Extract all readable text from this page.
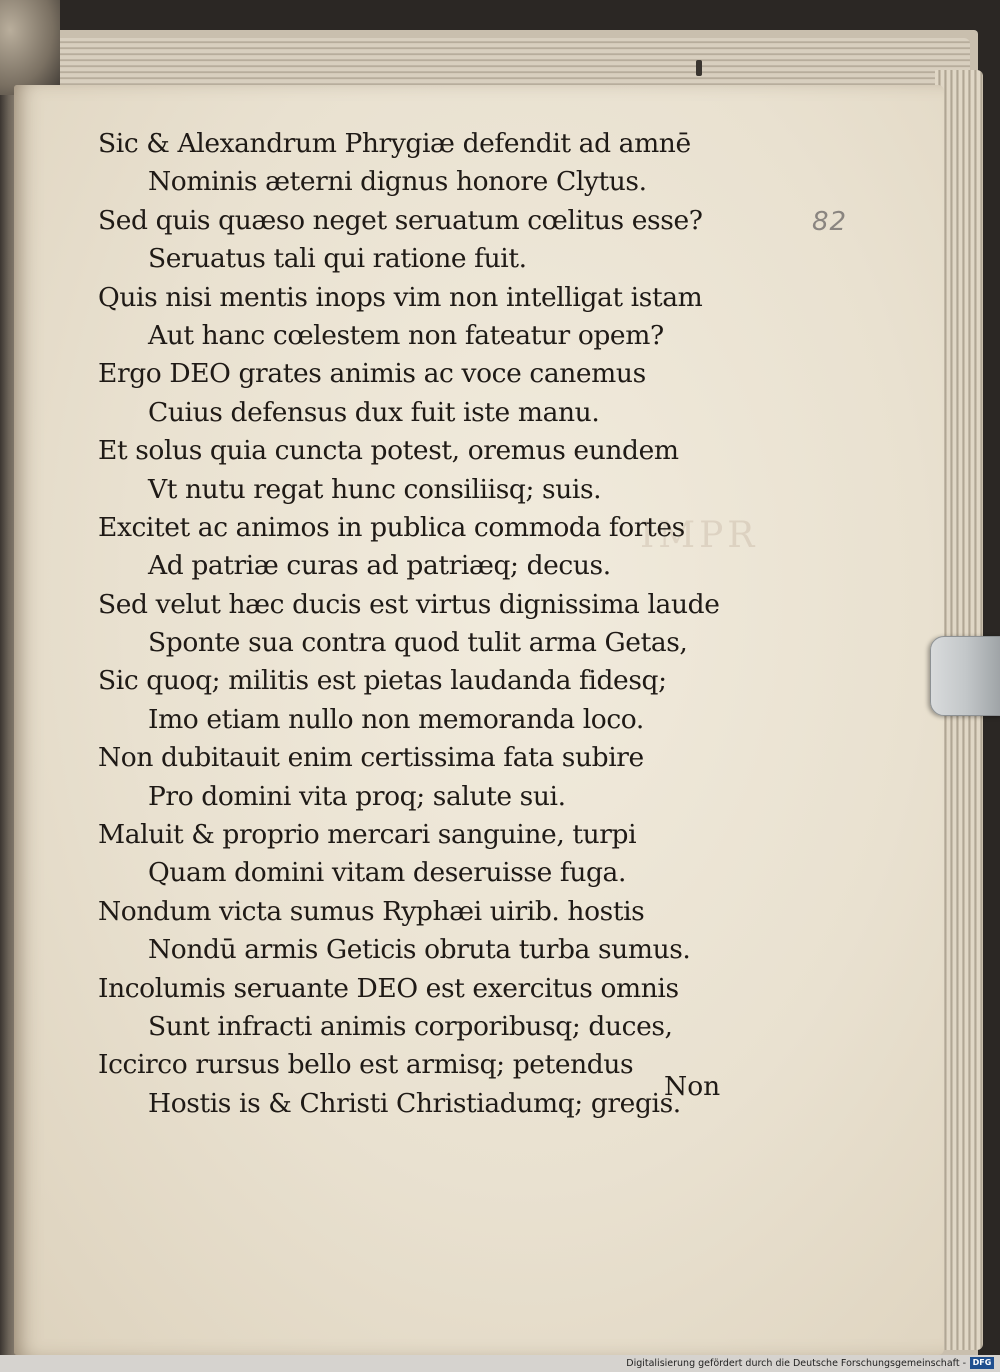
IMPR
Sic & Alexandrum Phrygiæ defendit ad amnē
Nominis æterni dignus honore Clytus.
Sed quis quæso neget seruatum cœlitus esse?
Seruatus tali qui ratione fuit.
Quis nisi mentis inops vim non intelligat istam
Aut hanc cœlestem non fateatur opem?
Ergo DEO grates animis ac voce canemus
Cuius defensus dux fuit iste manu.
Et solus quia cuncta potest, oremus eundem
Vt nutu regat hunc consiliisq; suis.
Excitet ac animos in publica commoda fortes
Ad patriæ curas ad patriæq; decus.
Sed velut hæc ducis est virtus dignissima laude
Sponte sua contra quod tulit arma Getas,
Sic quoq; militis est pietas laudanda fidesq;
Imo etiam nullo non memoranda loco.
Non dubitauit enim certissima fata subire
Pro domini vita proq; salute sui.
Maluit & proprio mercari sanguine, turpi
Quam domini vitam deseruisse fuga.
Nondum victa sumus Ryphæi uirib. hostis
Nondū armis Geticis obruta turba sumus.
Incolumis seruante DEO est exercitus omnis
Sunt infracti animis corporibusq; duces,
Iccirco rursus bello est armisq; petendus
Hostis is & Christi Christiadumq; gregis.
Non
82
Digitalisierung gefördert durch die Deutsche Forschungsgemeinschaft - DFG
